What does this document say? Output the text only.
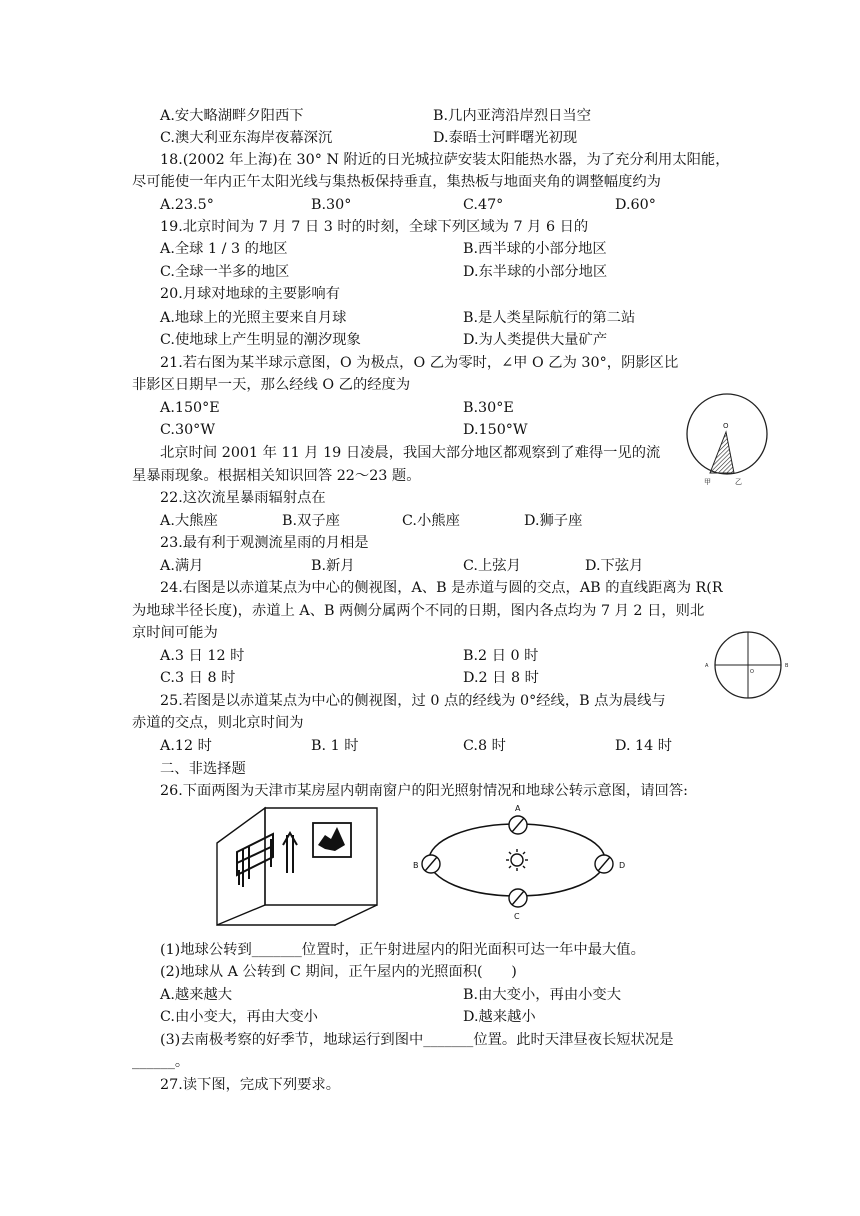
A.安大略湖畔夕阳西下	B.几内亚湾沿岸烈日当空
C.澳大利亚东海岸夜幕深沉	D.泰晤士河畔曙光初现
18.(2002 年上海)在 30° N 附近的日光城拉萨安装太阳能热水器，为了充分利用太阳能，
尽可能使一年内正午太阳光线与集热板保持垂直，集热板与地面夹角的调整幅度约为
A.23.5°	B.30°	C.47°	D.60°
19.北京时间为 7 月 7 日 3 时的时刻，全球下列区域为 7 月 6 日的
A.全球 1 / 3 的地区	B.西半球的小部分地区
C.全球一半多的地区	D.东半球的小部分地区
20.月球对地球的主要影响有
A.地球上的光照主要来自月球	B.是人类星际航行的第二站
C.使地球上产生明显的潮汐现象	D.为人类提供大量矿产
21.若右图为某半球示意图，O 为极点，O 乙为零时，∠甲 O 乙为 30°，阴影区比
非影区日期早一天，那么经线 O 乙的经度为
A.150°E	B.30°E
C.30°W	D.150°W	O
甲	乙
北京时间 2001 年 11 月 19 日凌晨，我国大部分地区都观察到了难得一见的流
星暴雨现象。根据相关知识回答 22～23 题。
22.这次流星暴雨辐射点在
A.大熊座	B.双子座	C.小熊座	D.狮子座
23.最有利于观测流星雨的月相是
A.满月	B.新月	C.上弦月	D.下弦月
24.右图是以赤道某点为中心的侧视图，A、B 是赤道与圆的交点，AB 的直线距离为 R(R
为地球半径长度)，赤道上 A、B 两侧分属两个不同的日期，图内各点均为 7 月 2 日，则北
京时间可能为
A.3 日 12 时	B.2 日 0 时
C.3 日 8 时	D.2 日 8 时
A	B
O
25.若图是以赤道某点为中心的侧视图，过 0 点的经线为 0°经线，B 点为晨线与
赤道的交点，则北京时间为
A.12 时	B. 1 时	C.8 时	D. 14 时
二、非选择题
26.下面两图为天津市某房屋内朝南窗户的阳光照射情况和地球公转示意图，请回答:
A
B
C
D
(1)地球公转到_______位置时，正午射进屋内的阳光面积可达一年中最大值。
(2)地球从 A 公转到 C 期间，正午屋内的光照面积(　　)
A.越来越大	B.由大变小，再由小变大
C.由小变大，再由大变小	D.越来越小
(3)去南极考察的好季节，地球运行到图中_______位置。此时天津昼夜长短状况是
______。
27.读下图，完成下列要求。
